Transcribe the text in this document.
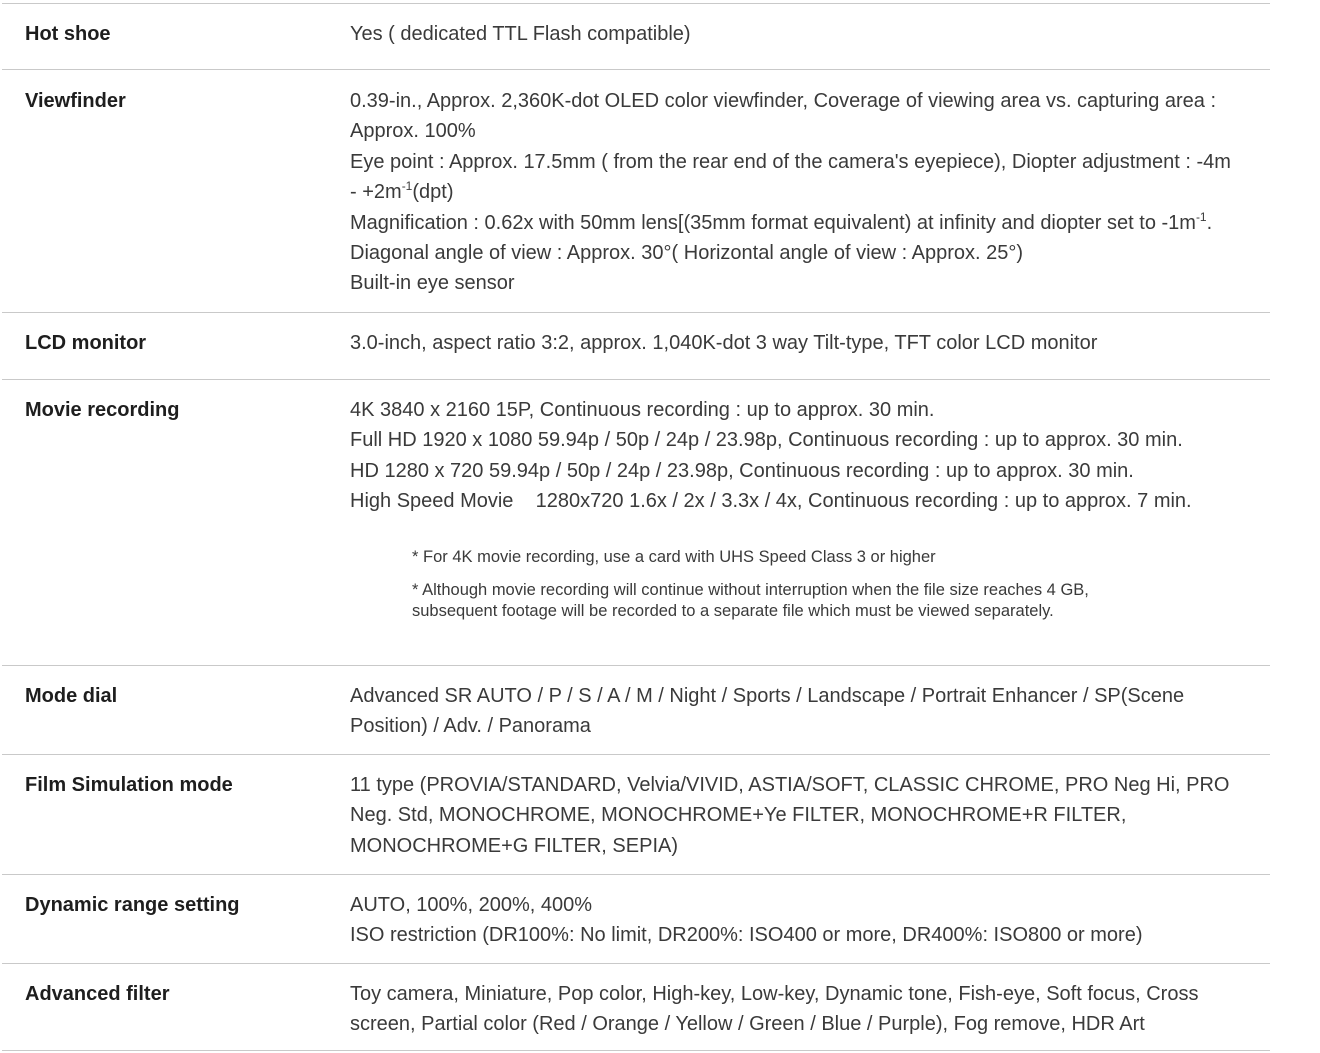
Hot shoe	Yes ( dedicated TTL Flash compatible)
Viewfinder	0.39-in., Approx. 2,360K-dot OLED color viewfinder, Coverage of viewing area vs. capturing area :
Approx. 100%
Eye point : Approx. 17.5mm ( from the rear end of the camera's eyepiece), Diopter adjustment : -4m
- $+2m^{-1}(dpt)$
Magnification : 0.62x with 50mm lens[(35mm format equivalent) at infinity and diopter set to $-1m^{-1}$.
Diagonal angle of view : Approx. 30°( Horizontal angle of view : Approx. 25°)
Built-in eye sensor
LCD monitor	3.0-inch, aspect ratio 3:2, approx. 1,040K-dot 3 way Tilt-type, TFT color LCD monitor
Movie recording	4K 3840 x 2160 15P, Continuous recording : up to approx. 30 min.
Full HD 1920 x 1080 59.94p / 50p / 24p / 23.98p, Continuous recording : up to approx. 30 min.
HD 1280 x 720 59.94p / 50p / 24p / 23.98p, Continuous recording : up to approx. 30 min.
High Speed Movie    1280x720 1.6x / 2x / 3.3x / 4x, Continuous recording : up to approx. 7 min.
* For 4K movie recording, use a card with UHS Speed Class 3 or higher
* Although movie recording will continue without interruption when the file size reaches 4 GB,
subsequent footage will be recorded to a separate file which must be viewed separately.
Mode dial	Advanced SR AUTO / P / S / A / M / Night / Sports / Landscape / Portrait Enhancer / SP(Scene
Position) / Adv. / Panorama
Film Simulation mode	11 type (PROVIA/STANDARD, Velvia/VIVID, ASTIA/SOFT, CLASSIC CHROME, PRO Neg Hi, PRO
Neg. Std, MONOCHROME, MONOCHROME+Ye FILTER, MONOCHROME+R FILTER,
MONOCHROME+G FILTER, SEPIA)
Dynamic range setting	AUTO, 100%, 200%, 400%
ISO restriction (DR100%: No limit, DR200%: ISO400 or more, DR400%: ISO800 or more)
Advanced filter	Toy camera, Miniature, Pop color, High-key, Low-key, Dynamic tone, Fish-eye, Soft focus, Cross
screen, Partial color (Red / Orange / Yellow / Green / Blue / Purple), Fog remove, HDR Art
